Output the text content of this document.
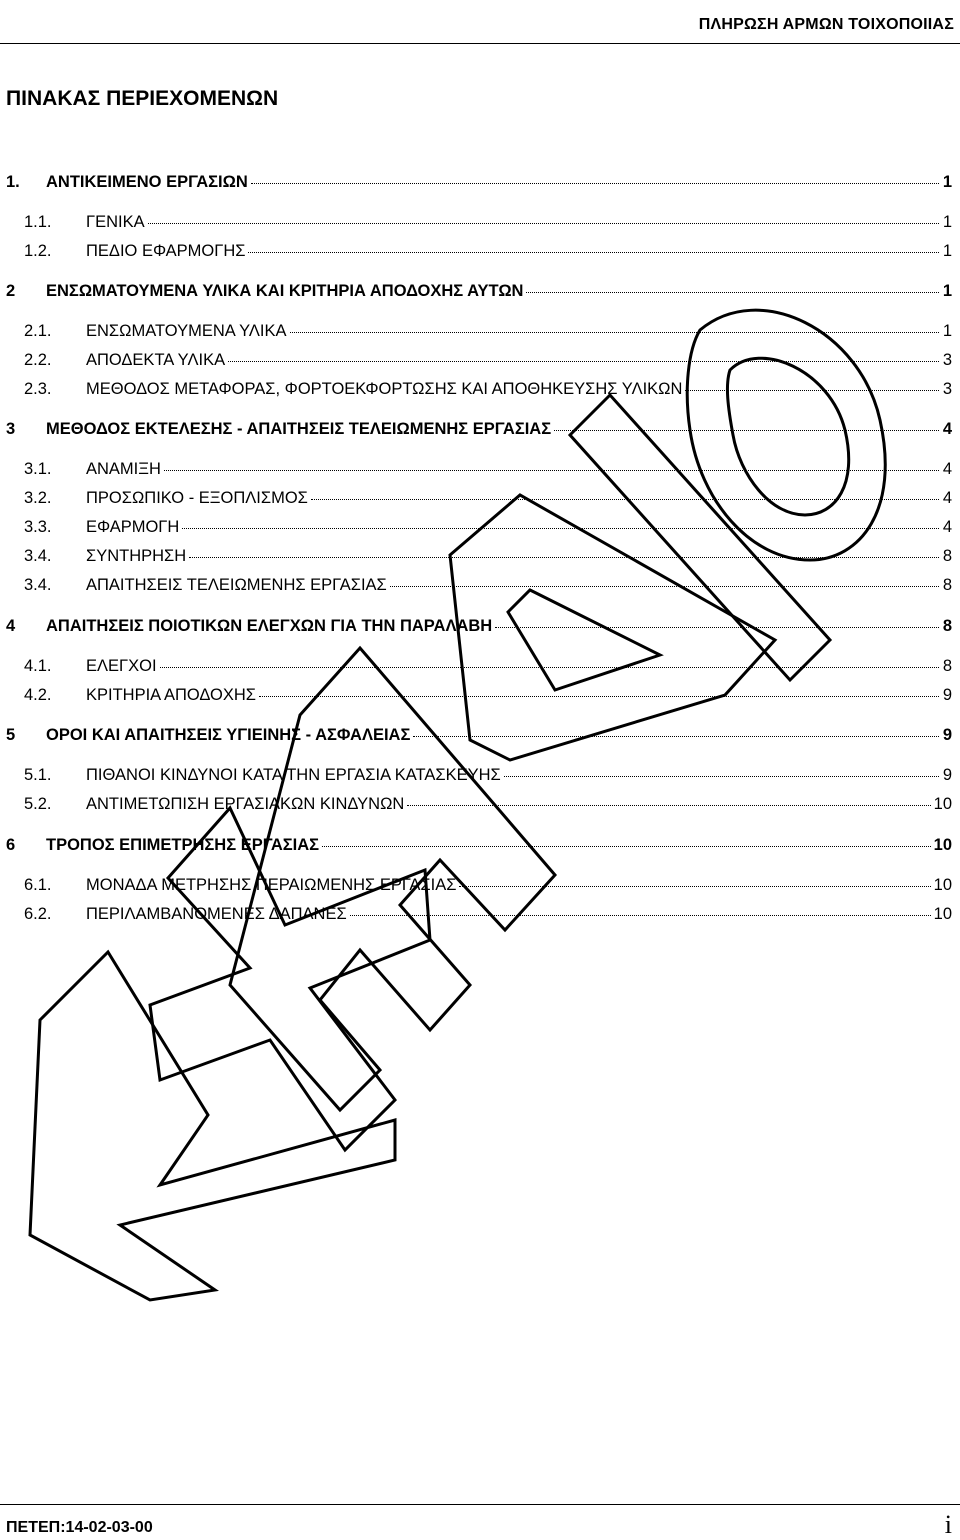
ΠΛΗΡΩΣΗ ΑΡΜΩΝ ΤΟΙΧΟΠΟΙΙΑΣ
ΠΙΝΑΚΑΣ ΠΕΡΙΕΧΟΜΕΝΩΝ
1.	ΑΝΤΙΚΕΙΜΕΝΟ ΕΡΓΑΣΙΩΝ	1
1.1.	ΓΕΝΙΚΑ	1
1.2.	ΠΕΔΙΟ ΕΦΑΡΜΟΓΗΣ	1
2	ΕΝΣΩΜΑΤΟΥΜΕΝΑ ΥΛΙΚΑ ΚΑΙ ΚΡΙΤΗΡΙΑ ΑΠΟΔΟΧΗΣ ΑΥΤΩΝ	1
2.1.	ΕΝΣΩΜΑΤΟΥΜΕΝΑ ΥΛΙΚΑ	1
2.2.	ΑΠΟΔΕΚΤΑ ΥΛΙΚΑ	3
2.3.	ΜΕΘΟΔΟΣ ΜΕΤΑΦΟΡΑΣ, ΦΟΡΤΟΕΚΦΟΡΤΩΣΗΣ ΚΑΙ ΑΠΟΘΗΚΕΥΣΗΣ ΥΛΙΚΩΝ	3
3	ΜΕΘΟΔΟΣ ΕΚΤΕΛΕΣΗΣ - ΑΠΑΙΤΗΣΕΙΣ ΤΕΛΕΙΩΜΕΝΗΣ ΕΡΓΑΣΙΑΣ	4
3.1.	ΑΝΑΜΙΞΗ	4
3.2.	ΠΡΟΣΩΠΙΚΟ - ΕΞΟΠΛΙΣΜΟΣ	4
3.3.	ΕΦΑΡΜΟΓΗ	4
3.4.	ΣΥΝΤΗΡΗΣΗ	8
3.4.	ΑΠΑΙΤΗΣΕΙΣ ΤΕΛΕΙΩΜΕΝΗΣ ΕΡΓΑΣΙΑΣ	8
4	ΑΠΑΙΤΗΣΕΙΣ ΠΟΙΟΤΙΚΩΝ ΕΛΕΓΧΩΝ ΓΙΑ ΤΗΝ ΠΑΡΑΛΑΒΗ	8
4.1.	ΕΛΕΓΧΟΙ	8
4.2.	ΚΡΙΤΗΡΙΑ ΑΠΟΔΟΧΗΣ	9
5	ΟΡΟΙ ΚΑΙ ΑΠΑΙΤΗΣΕΙΣ ΥΓΙΕΙΝΗΣ - ΑΣΦΑΛΕΙΑΣ	9
5.1.	ΠΙΘΑΝΟΙ ΚΙΝΔΥΝΟΙ ΚΑΤΑ ΤΗΝ ΕΡΓΑΣΙΑ ΚΑΤΑΣΚΕΥΗΣ	9
5.2.	ΑΝΤΙΜΕΤΩΠΙΣΗ ΕΡΓΑΣΙΑΚΩΝ ΚΙΝΔΥΝΩΝ	10
6	ΤΡΟΠΟΣ ΕΠΙΜΕΤΡΗΣΗΣ ΕΡΓΑΣΙΑΣ	10
6.1.	ΜΟΝΑΔΑ ΜΕΤΡΗΣΗΣ ΠΕΡΑΙΩΜΕΝΗΣ ΕΡΓΑΣΙΑΣ	10
6.2.	ΠΕΡΙΛΑΜΒΑΝΟΜΕΝΕΣ ΔΑΠΑΝΕΣ	10
ΠΕΤΕΠ:14-02-03-00	i
